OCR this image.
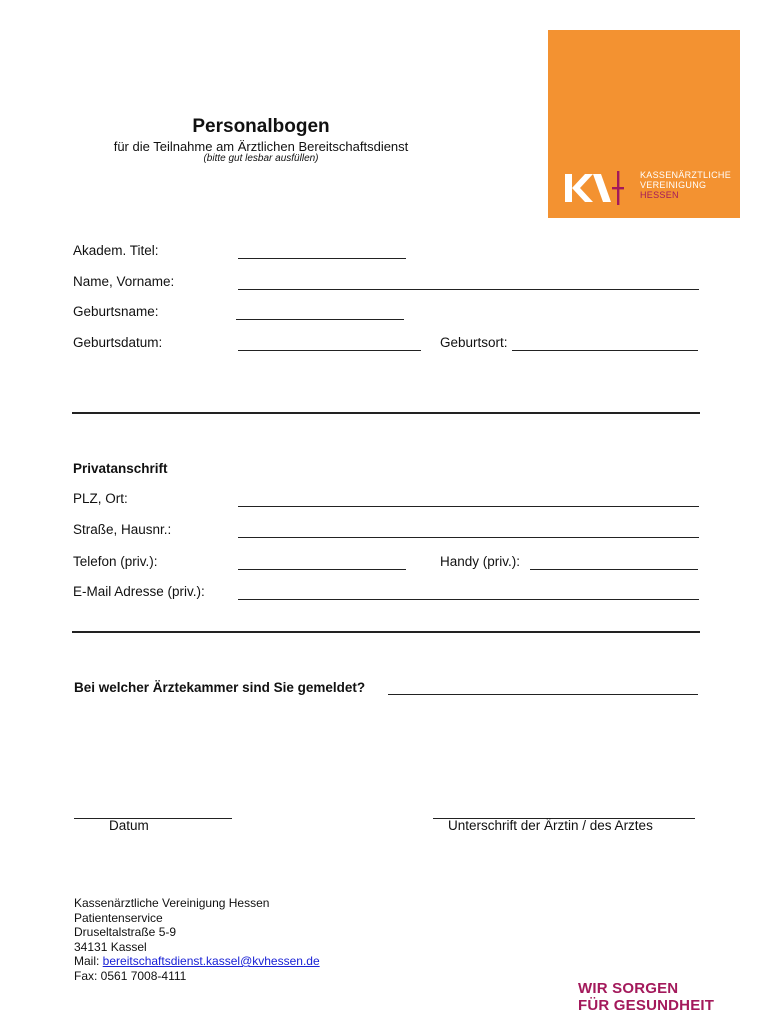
Personalbogen
für die Teilnahme am Ärztlichen Bereitschaftsdienst
(bitte gut lesbar ausfüllen)
KASSENÄRZTLICHE
VEREINIGUNG
HESSEN
Akadem. Titel:
Name, Vorname:
Geburtsname:
Geburtsdatum:	Geburtsort:
Privatanschrift
PLZ, Ort:
Straße, Hausnr.:
Telefon (priv.):	Handy (priv.):
E-Mail Adresse (priv.):
Bei welcher Ärztekammer sind Sie gemeldet?
Datum	Unterschrift der Ärztin / des Arztes
Kassenärztliche Vereinigung Hessen
Patientenservice
Druseltalstraße 5-9
34131 Kassel
Mail: bereitschaftsdienst.kassel@kvhessen.de
Fax: 0561 7008-4111
WIR SORGEN
FÜR GESUNDHEIT
